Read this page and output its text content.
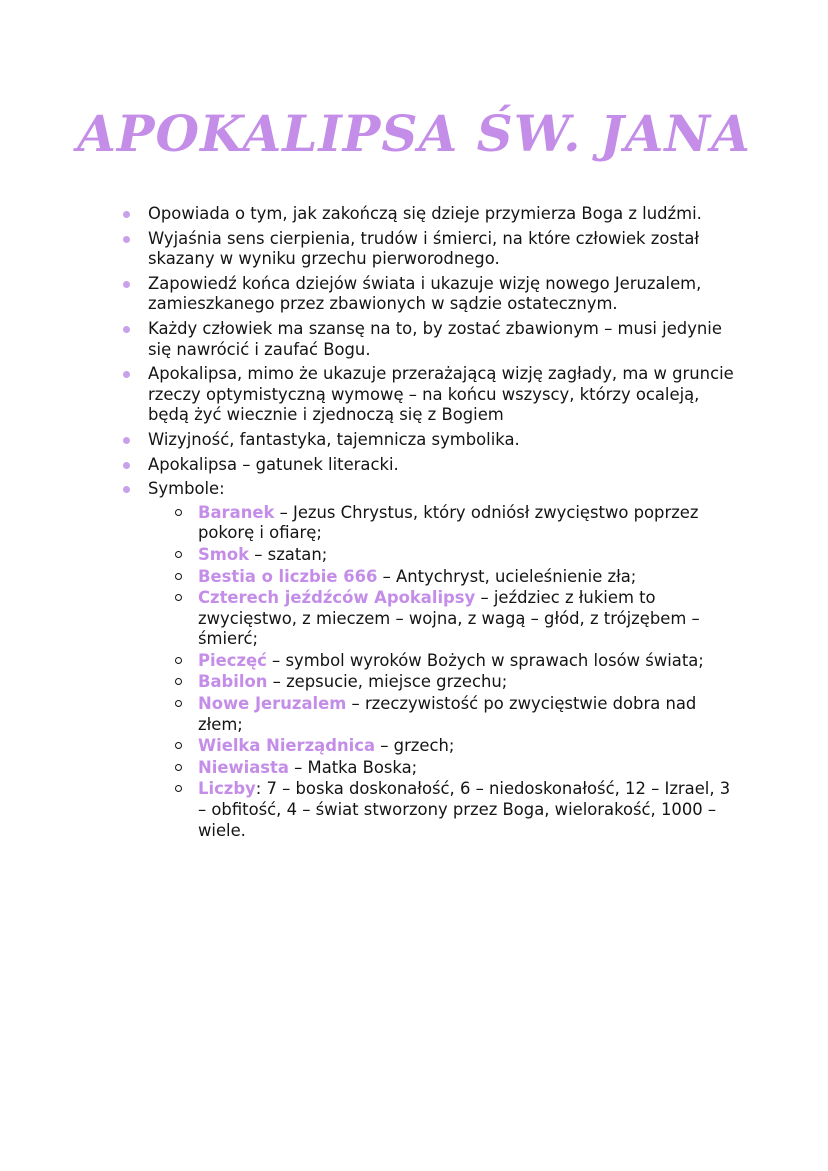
APOKALIPSA ŚW. JANA
Opowiada o tym, jak zakończą się dzieje przymierza Boga z ludźmi.
Wyjaśnia sens cierpienia, trudów i śmierci, na które człowiek został skazany w wyniku grzechu pierworodnego.
Zapowiedź końca dziejów świata i ukazuje wizję nowego Jeruzalem, zamieszkanego przez zbawionych w sądzie ostatecznym.
Każdy człowiek ma szansę na to, by zostać zbawionym – musi jedynie się nawrócić i zaufać Bogu.
Apokalipsa, mimo że ukazuje przerażającą wizję zagłady, ma w gruncie rzeczy optymistyczną wymowę – na końcu wszyscy, którzy ocaleją, będą żyć wiecznie i zjednoczą się z Bogiem
Wizyjność, fantastyka, tajemnicza symbolika.
Apokalipsa – gatunek literacki.
Symbole:
Baranek – Jezus Chrystus, który odniósł zwycięstwo poprzez pokorę i ofiarę;
Smok – szatan;
Bestia o liczbie 666 – Antychryst, ucieleśnienie zła;
Czterech jeźdźców Apokalipsy – jeździec z łukiem to zwycięstwo, z mieczem – wojna, z wagą – głód, z trójzębem – śmierć;
Pieczęć – symbol wyroków Bożych w sprawach losów świata;
Babilon – zepsucie, miejsce grzechu;
Nowe Jeruzalem – rzeczywistość po zwycięstwie dobra nad złem;
Wielka Nierządnica – grzech;
Niewiasta – Matka Boska;
Liczby: 7 – boska doskonałość, 6 – niedoskonałość, 12 – Izrael, 3 – obfitość, 4 – świat stworzony przez Boga, wielorakość, 1000 – wiele.
